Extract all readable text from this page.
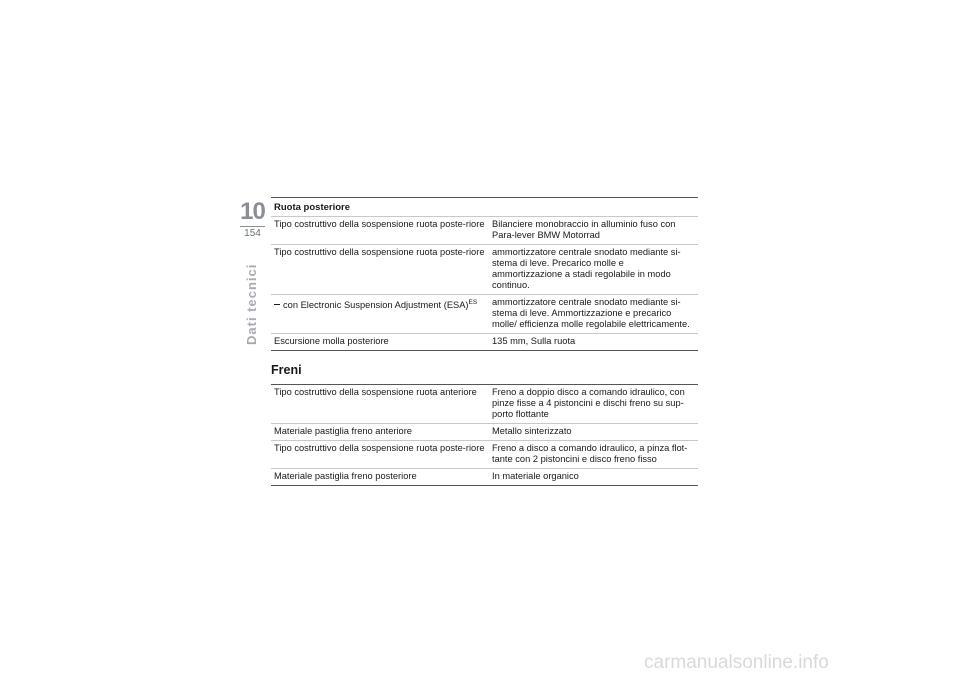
10
154
Dati tecnici
Ruota posteriore	
Tipo costruttivo della sospensione ruota poste-riore	Bilanciere monobraccio in alluminio fuso con Para-lever BMW Motorrad
Tipo costruttivo della sospensione ruota poste-riore	ammortizzatore centrale snodato mediante si-stema di leve. Precarico molle e ammortizzazione a stadi regolabile in modo continuo.
con Electronic Suspension Adjustment (ESA)$^{ES}$	ammortizzatore centrale snodato mediante si-stema di leve. Ammortizzazione e precarico molle/ efficienza molle regolabile elettricamente.
Escursione molla posteriore	135 mm, Sulla ruota
Freni
Tipo costruttivo della sospensione ruota anteriore	Freno a doppio disco a comando idraulico, con pinze fisse a 4 pistoncini e dischi freno su sup-porto flottante
Materiale pastiglia freno anteriore	Metallo sinterizzato
Tipo costruttivo della sospensione ruota poste-riore	Freno a disco a comando idraulico, a pinza flot-tante con 2 pistoncini e disco freno fisso
Materiale pastiglia freno posteriore	In materiale organico
carmanualsonline.info
